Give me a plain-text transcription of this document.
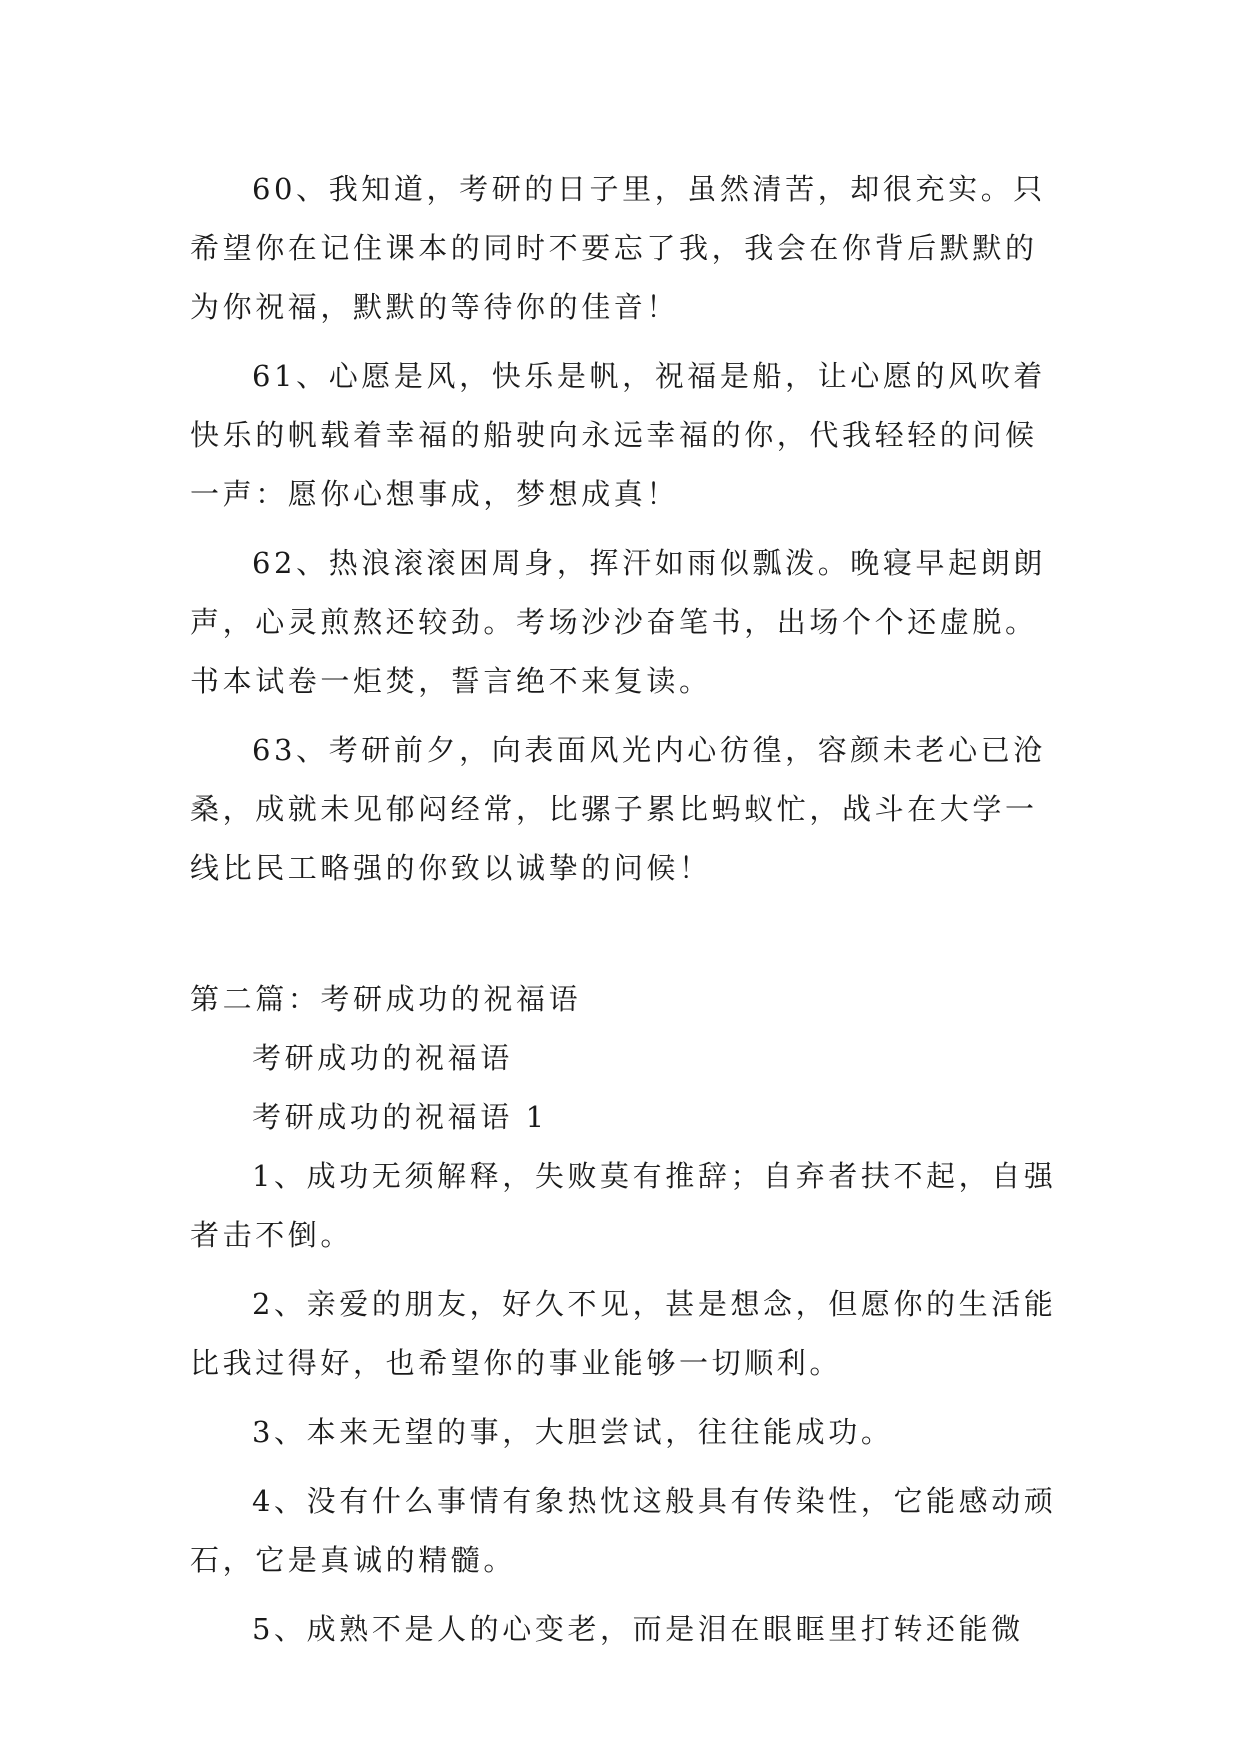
60、我知道，考研的日子里，虽然清苦，却很充实。只希望你在记住课本的同时不要忘了我，我会在你背后默默的为你祝福，默默的等待你的佳音！

61、心愿是风，快乐是帆，祝福是船，让心愿的风吹着快乐的帆载着幸福的船驶向永远幸福的你，代我轻轻的问候一声：愿你心想事成，梦想成真！

62、热浪滚滚困周身，挥汗如雨似瓢泼。晚寝早起朗朗声，心灵煎熬还较劲。考场沙沙奋笔书，出场个个还虚脱。书本试卷一炬焚，誓言绝不来复读。

63、考研前夕，向表面风光内心彷徨，容颜未老心已沧桑，成就未见郁闷经常，比骡子累比蚂蚁忙，战斗在大学一线比民工略强的你致以诚挚的问候！

第二篇：考研成功的祝福语

考研成功的祝福语

考研成功的祝福语 1

1、成功无须解释，失败莫有推辞；自弃者扶不起，自强者击不倒。

2、亲爱的朋友，好久不见，甚是想念，但愿你的生活能比我过得好，也希望你的事业能够一切顺利。

3、本来无望的事，大胆尝试，往往能成功。

4、没有什么事情有象热忱这般具有传染性，它能感动顽石，它是真诚的精髓。

5、成熟不是人的心变老，而是泪在眼眶里打转还能微
